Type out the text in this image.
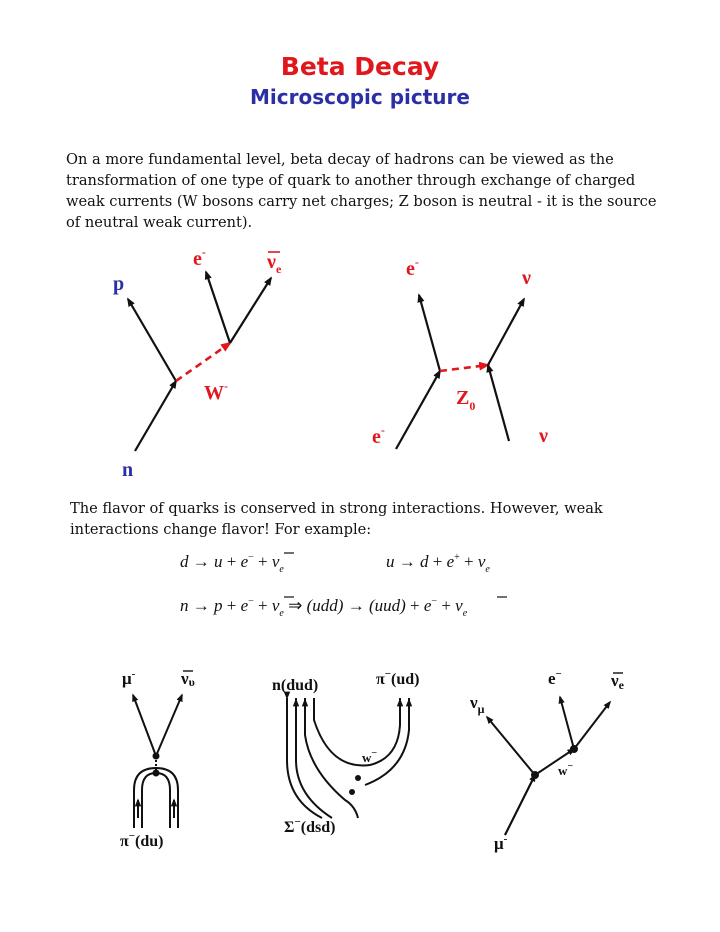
Beta Decay
Microscopic picture
On a more fundamental level, beta decay of hadrons can be viewed as the
transformation of one type of quark to another through exchange of charged
weak currents (W bosons carry net charges; Z boson is neutral - it is the source
of neutral weak current).
p
n
e-	$\nu_e$
W-
e-
ν
e-	ν
$Z_0$
The flavor of quarks is conserved in strong interactions. However, weak
interactions change flavor! For example:
$d \to u + e^- + \nu_e$	$u \to d + e^+ + \nu_e$
$n \to p + e^- + \nu_e$ ⇒ $(udd) \to (uud) + e^- + \nu_e$
μ-	νυ
π−(du)
n(dud)	π−(ud)
w−
Σ−(dsd)
e−	νe
$\nu_\mu$
w−
μ-
